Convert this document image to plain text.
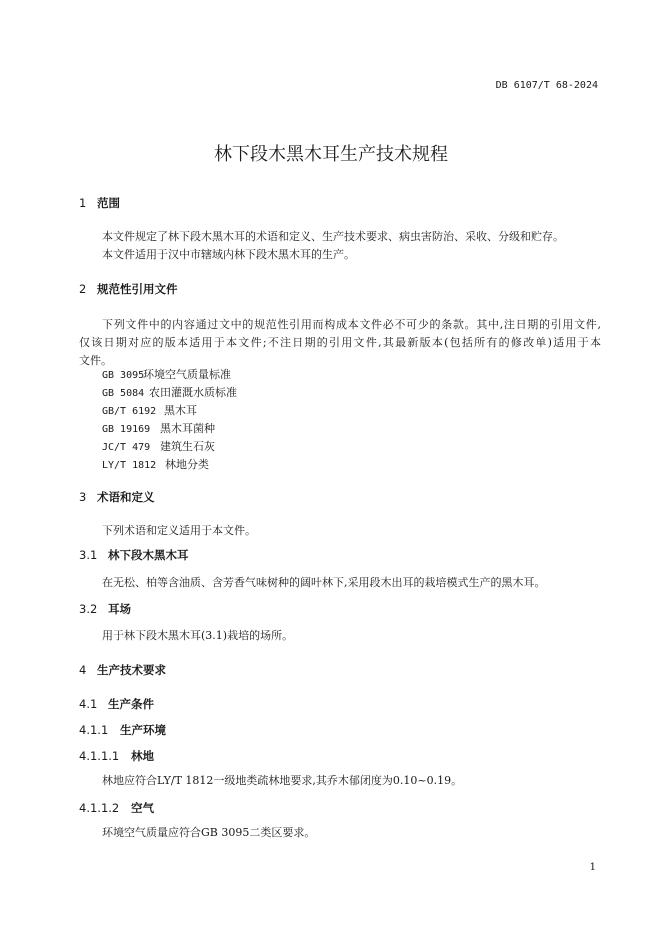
DB 6107/T 68-2024
林下段木黑木耳生产技术规程
1 范围
本文件规定了林下段木黑木耳的术语和定义、生产技术要求、病虫害防治、采收、分级和贮存。
本文件适用于汉中市辖域内林下段木黑木耳的生产。
2 规范性引用文件
下列文件中的内容通过文中的规范性引用而构成本文件必不可少的条款。其中,注日期的引用文件,
仅该日期对应的版本适用于本文件;不注日期的引用文件,其最新版本(包括所有的修改单)适用于本
文件。
GB 3095环境空气质量标准
GB 5084 农田灌溉水质标准
GB/T 6192 黑木耳
GB 19169 黑木耳菌种
JC/T 479 建筑生石灰
LY/T 1812 林地分类
3 术语和定义
下列术语和定义适用于本文件。
3.1 林下段木黑木耳
在无松、柏等含油质、含芳香气味树种的阔叶林下,采用段木出耳的栽培模式生产的黑木耳。
3.2 耳场
用于林下段木黑木耳(3.1)栽培的场所。
4 生产技术要求
4.1 生产条件
4.1.1 生产环境
4.1.1.1 林地
林地应符合LY/T 1812一级地类疏林地要求,其乔木郁闭度为0.10~0.19。
4.1.1.2 空气
环境空气质量应符合GB 3095二类区要求。
1
